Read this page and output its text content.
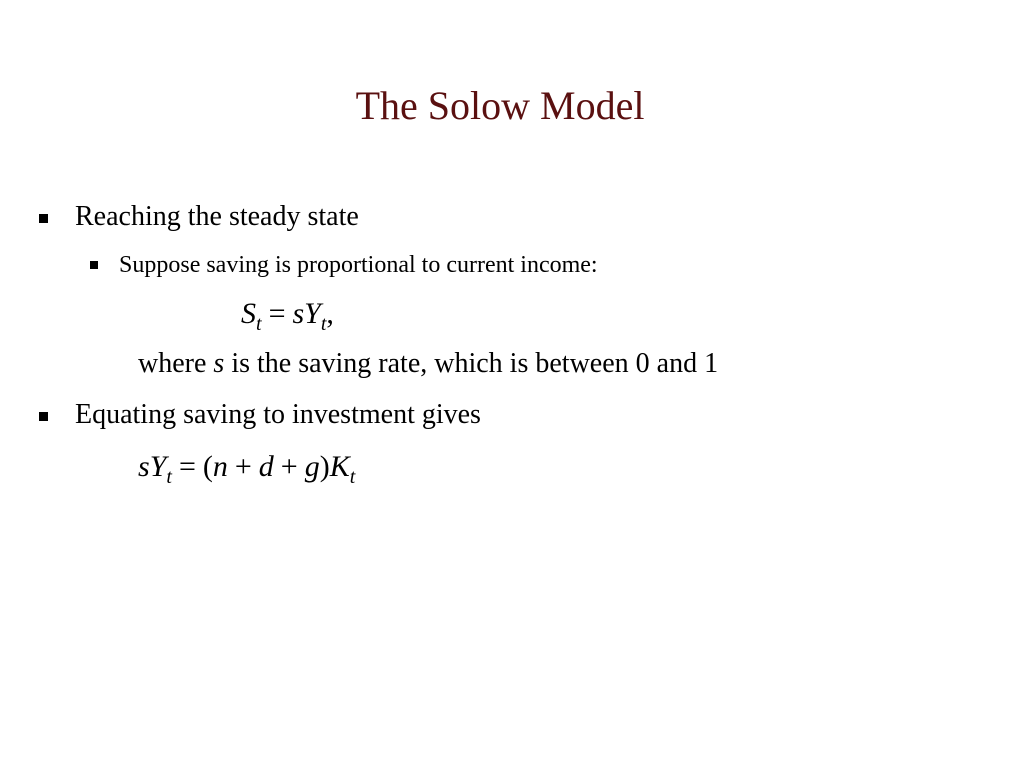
The Solow Model
Reaching the steady state
Suppose saving is proportional to current income:
$S_t = sY_t$,
where s is the saving rate, which is between 0 and 1
Equating saving to investment gives
$sY_t = (n + d + g)K_t$
